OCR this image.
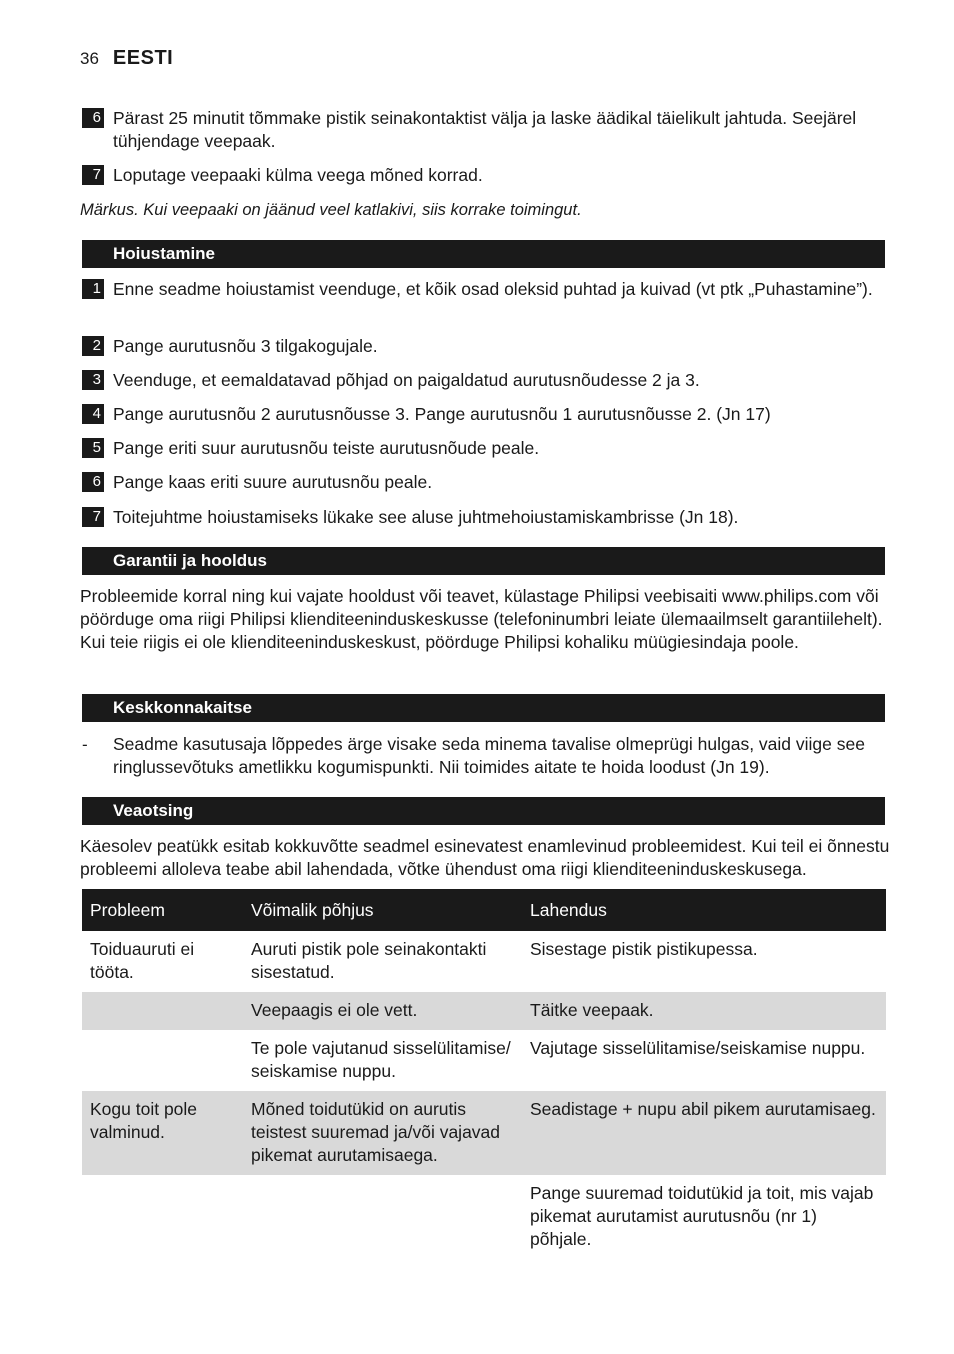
36 EESTI
6 Pärast 25 minutit tõmmake pistik seinakontaktist välja ja laske äädikal täielikult jahtuda. Seejärel tühjendage veepaak.
7 Loputage veepaaki külma veega mõned korrad.
Märkus. Kui veepaaki on jäänud veel katlakivi, siis korrake toimingut.
Hoiustamine
1 Enne seadme hoiustamist veenduge, et kõik osad oleksid puhtad ja kuivad (vt ptk „Puhastamine”).
2 Pange aurutusnõu 3 tilgakogujale.
3 Veenduge, et eemaldatavad põhjad on paigaldatud aurutusnõudesse 2 ja 3.
4 Pange aurutusnõu 2 aurutusnõusse 3. Pange aurutusnõu 1 aurutusnõusse 2. (Jn 17)
5 Pange eriti suur aurutusnõu teiste aurutusnõude peale.
6 Pange kaas eriti suure aurutusnõu peale.
7 Toitejuhtme hoiustamiseks lükake see aluse juhtmehoiustamiskambrisse (Jn 18).
Garantii ja hooldus
Probleemide korral ning kui vajate hooldust või teavet, külastage Philipsi veebisaiti www.philips.com või pöörduge oma riigi Philipsi klienditeeninduskeskusse (telefoninumbri leiate ülemaailmselt garantiilehelt). Kui teie riigis ei ole klienditeeninduskeskust, pöörduge Philipsi kohaliku müügiesindaja poole.
Keskkonnakaitse
- Seadme kasutusaja lõppedes ärge visake seda minema tavalise olmeprügi hulgas, vaid viige see ringlussevõtuks ametlikku kogumispunkti. Nii toimides aitate te hoida loodust (Jn 19).
Veaotsing
Käesolev peatükk esitab kokkuvõtte seadmel esinevatest enamlevinud probleemidest. Kui teil ei õnnestu probleemi alloleva teabe abil lahendada, võtke ühendust oma riigi klienditeeninduskeskusega.
Probleem	Võimalik põhjus	Lahendus
Toiduauruti ei tööta.	Auruti pistik pole seinakontakti sisestatud.	Sisestage pistik pistikupessa.
	Veepaagis ei ole vett.	Täitke veepaak.
	Te pole vajutanud sisselülitamise/ seiskamise nuppu.	Vajutage sisselülitamise/seiskamise nuppu.
Kogu toit pole valminud.	Mõned toidutükid on aurutis teistest suuremad ja/või vajavad pikemat aurutamisaega.	Seadistage + nupu abil pikem aurutamisaeg.
		Pange suuremad toidutükid ja toit, mis vajab pikemat aurutamist aurutusnõu (nr 1) põhjale.
